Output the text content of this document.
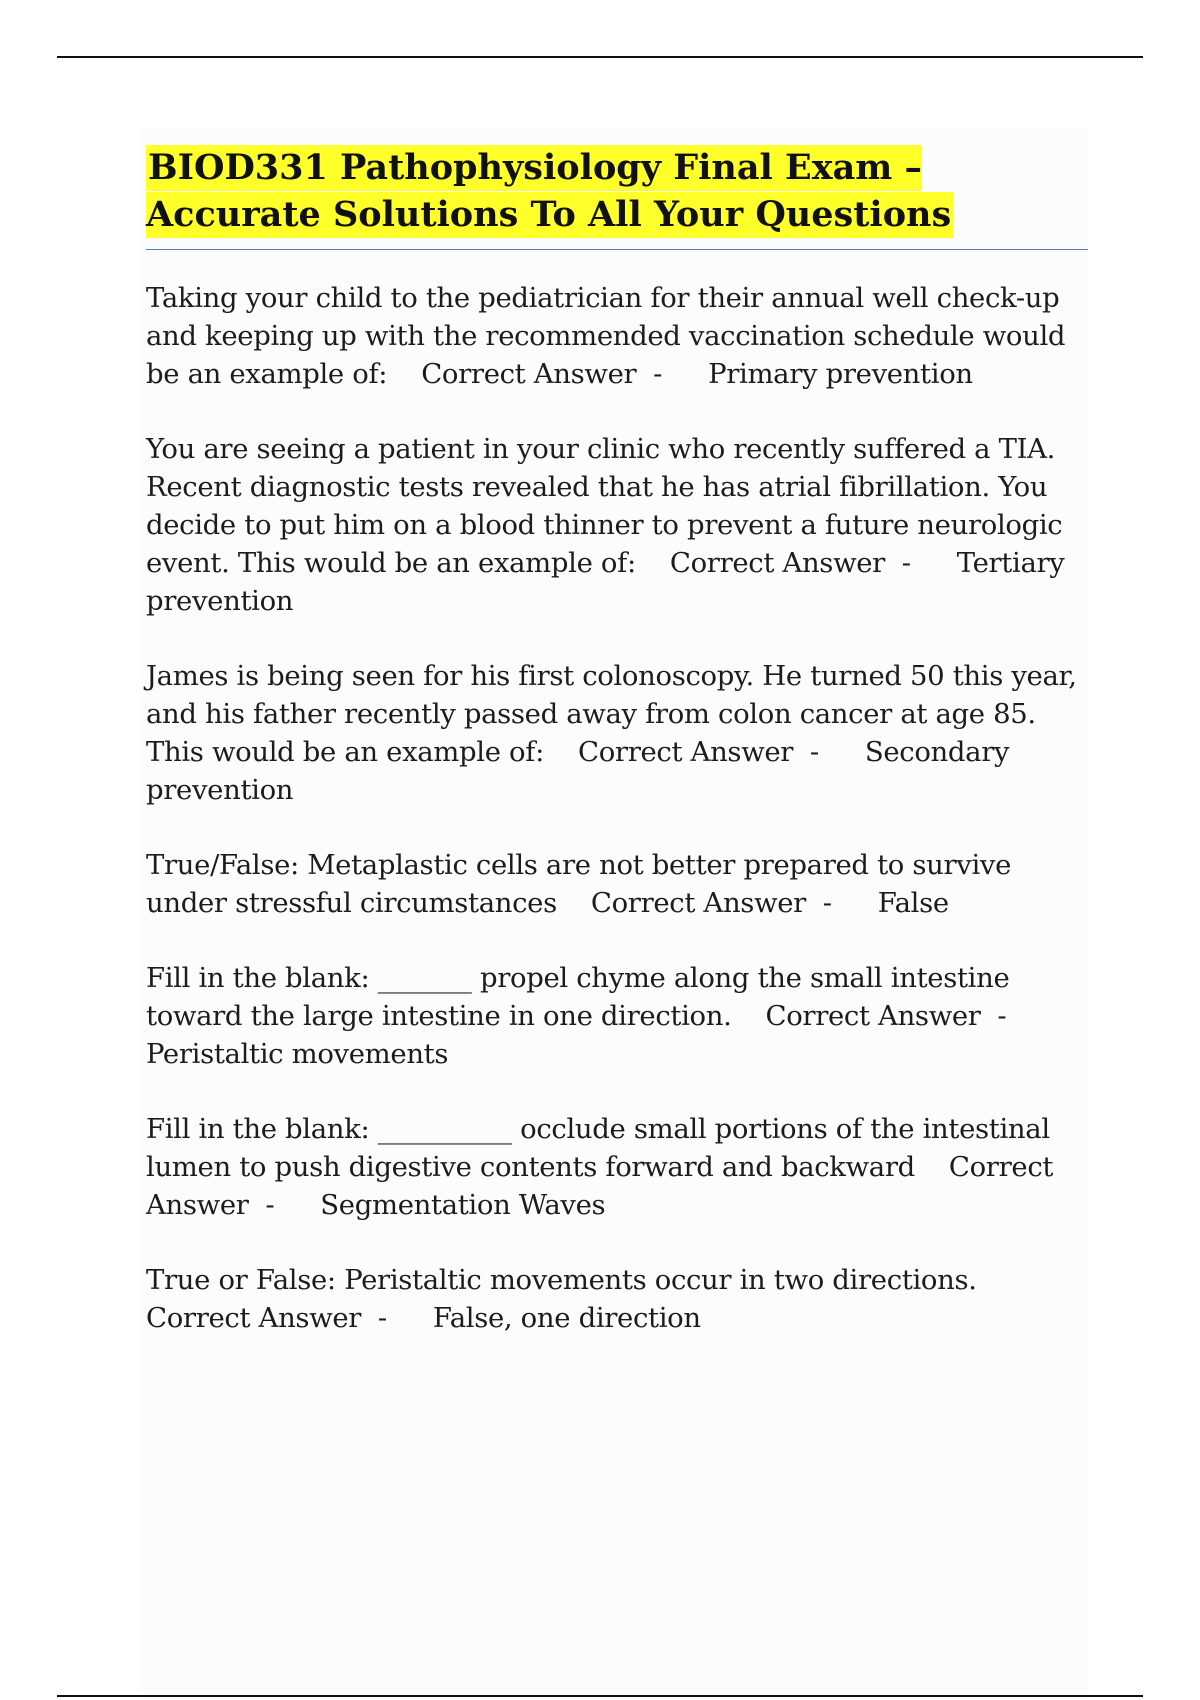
BIOD331 Pathophysiology Final Exam – Accurate Solutions To All Your Questions

Taking your child to the pediatrician for their annual well check-up and keeping up with the recommended vaccination schedule would be an example of: Correct Answer - Primary prevention

You are seeing a patient in your clinic who recently suffered a TIA. Recent diagnostic tests revealed that he has atrial fibrillation. You decide to put him on a blood thinner to prevent a future neurologic event. This would be an example of: Correct Answer - Tertiary prevention

James is being seen for his first colonoscopy. He turned 50 this year, and his father recently passed away from colon cancer at age 85. This would be an example of: Correct Answer - Secondary prevention

True/False: Metaplastic cells are not better prepared to survive under stressful circumstances Correct Answer - False

Fill in the blank: _______ propel chyme along the small intestine toward the large intestine in one direction. Correct Answer -Peristaltic movements

Fill in the blank: __________ occlude small portions of the intestinal lumen to push digestive contents forward and backward Correct Answer - Segmentation Waves

True or False: Peristaltic movements occur in two directions.Correct Answer - False, one direction
